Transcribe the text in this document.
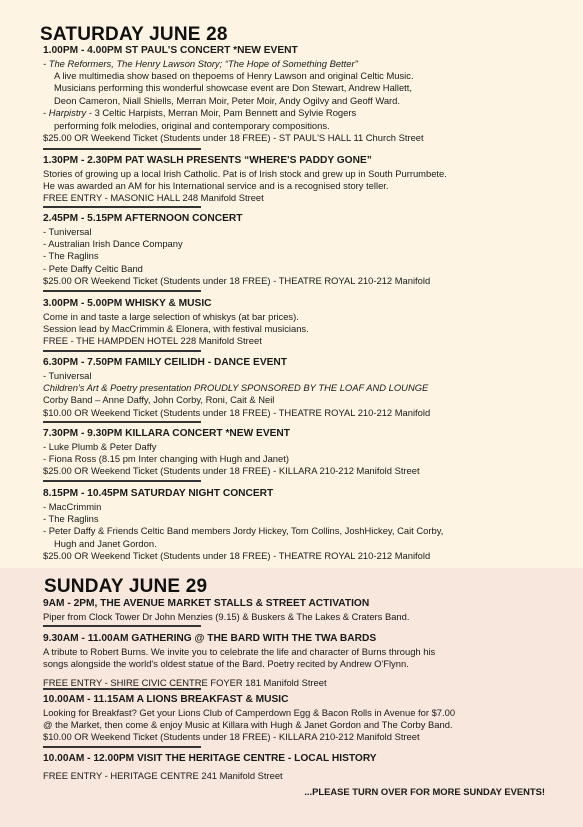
SATURDAY JUNE 28
1.00PM - 4.00PM ST PAUL'S CONCERT *NEW EVENT
- The Reformers, The Henry Lawson Story; “The Hope of Something Better”
A live multimedia show based on thepoems of Henry Lawson and original Celtic Music.
Musicians performing this wonderful showcase event are Don Stewart, Andrew Hallett,
Deon Cameron, Niall Shiells, Merran Moir, Peter Moir, Andy Ogilvy and Geoff Ward.
- Harpistry - 3 Celtic Harpists, Merran Moir, Pam Bennett and Sylvie Rogers
performing folk melodies, original and contemporary compositions.
$25.00 OR Weekend Ticket (Students under 18 FREE) - ST PAUL'S HALL 11 Church Street
1.30PM - 2.30PM PAT WASLH PRESENTS “WHERE'S PADDY GONE”
Stories of growing up a local Irish Catholic. Pat is of Irish stock and grew up in South Purrumbete.
He was awarded an AM for his International service and is a recognised story teller.
FREE ENTRY - MASONIC HALL 248 Manifold Street
2.45PM - 5.15PM AFTERNOON CONCERT
- Tuniversal
- Australian Irish Dance Company
- The Raglins
- Pete Daffy Celtic Band
$25.00 OR Weekend Ticket (Students under 18 FREE) - THEATRE ROYAL 210-212 Manifold
3.00PM - 5.00PM WHISKY & MUSIC
Come in and taste a large selection of whiskys (at bar prices).
Session lead by MacCrimmin & Elonera, with festival musicians.
FREE - THE HAMPDEN HOTEL 228 Manifold Street
6.30PM - 7.50PM FAMILY CEILIDH - DANCE EVENT
- Tuniversal
Children's Art & Poetry presentation PROUDLY SPONSORED BY THE LOAF AND LOUNGE
Corby Band – Anne Daffy, John Corby, Roni, Cait & Neil
$10.00 OR Weekend Ticket (Students under 18 FREE) - THEATRE ROYAL 210-212 Manifold
7.30PM - 9.30PM KILLARA CONCERT *NEW EVENT
- Luke Plumb & Peter Daffy
- Fiona Ross (8.15 pm Inter changing with Hugh and Janet)
$25.00 OR Weekend Ticket (Students under 18 FREE) - KILLARA 210-212 Manifold Street
8.15PM - 10.45PM SATURDAY NIGHT CONCERT
- MacCrimmin
- The Raglins
- Peter Daffy & Friends Celtic Band members Jordy Hickey, Tom Collins, JoshHickey, Cait Corby,
Hugh and Janet Gordon.
$25.00 OR Weekend Ticket (Students under 18 FREE) - THEATRE ROYAL 210-212 Manifold
SUNDAY JUNE 29
9AM - 2PM, THE AVENUE MARKET STALLS & STREET ACTIVATION
Piper from Clock Tower Dr John Menzies (9.15) & Buskers & The Lakes & Craters Band.
9.30AM - 11.00AM GATHERING @ THE BARD WITH THE TWA BARDS
A tribute to Robert Burns. We invite you to celebrate the life and character of Burns through his
songs alongside the world's oldest statue of the Bard. Poetry recited by Andrew O'Flynn.
FREE ENTRY - SHIRE CIVIC CENTRE FOYER 181 Manifold Street
10.00AM - 11.15AM A LIONS BREAKFAST & MUSIC
Looking for Breakfast? Get your Lions Club of Camperdown Egg & Bacon Rolls in Avenue for $7.00
@ the Market, then come & enjoy Music at Killara with Hugh & Janet Gordon and The Corby Band.
$10.00 OR Weekend Ticket (Students under 18 FREE) - KILLARA 210-212 Manifold Street
10.00AM - 12.00PM VISIT THE HERITAGE CENTRE - LOCAL HISTORY
FREE ENTRY - HERITAGE CENTRE 241 Manifold Street
...PLEASE TURN OVER FOR MORE SUNDAY EVENTS!
